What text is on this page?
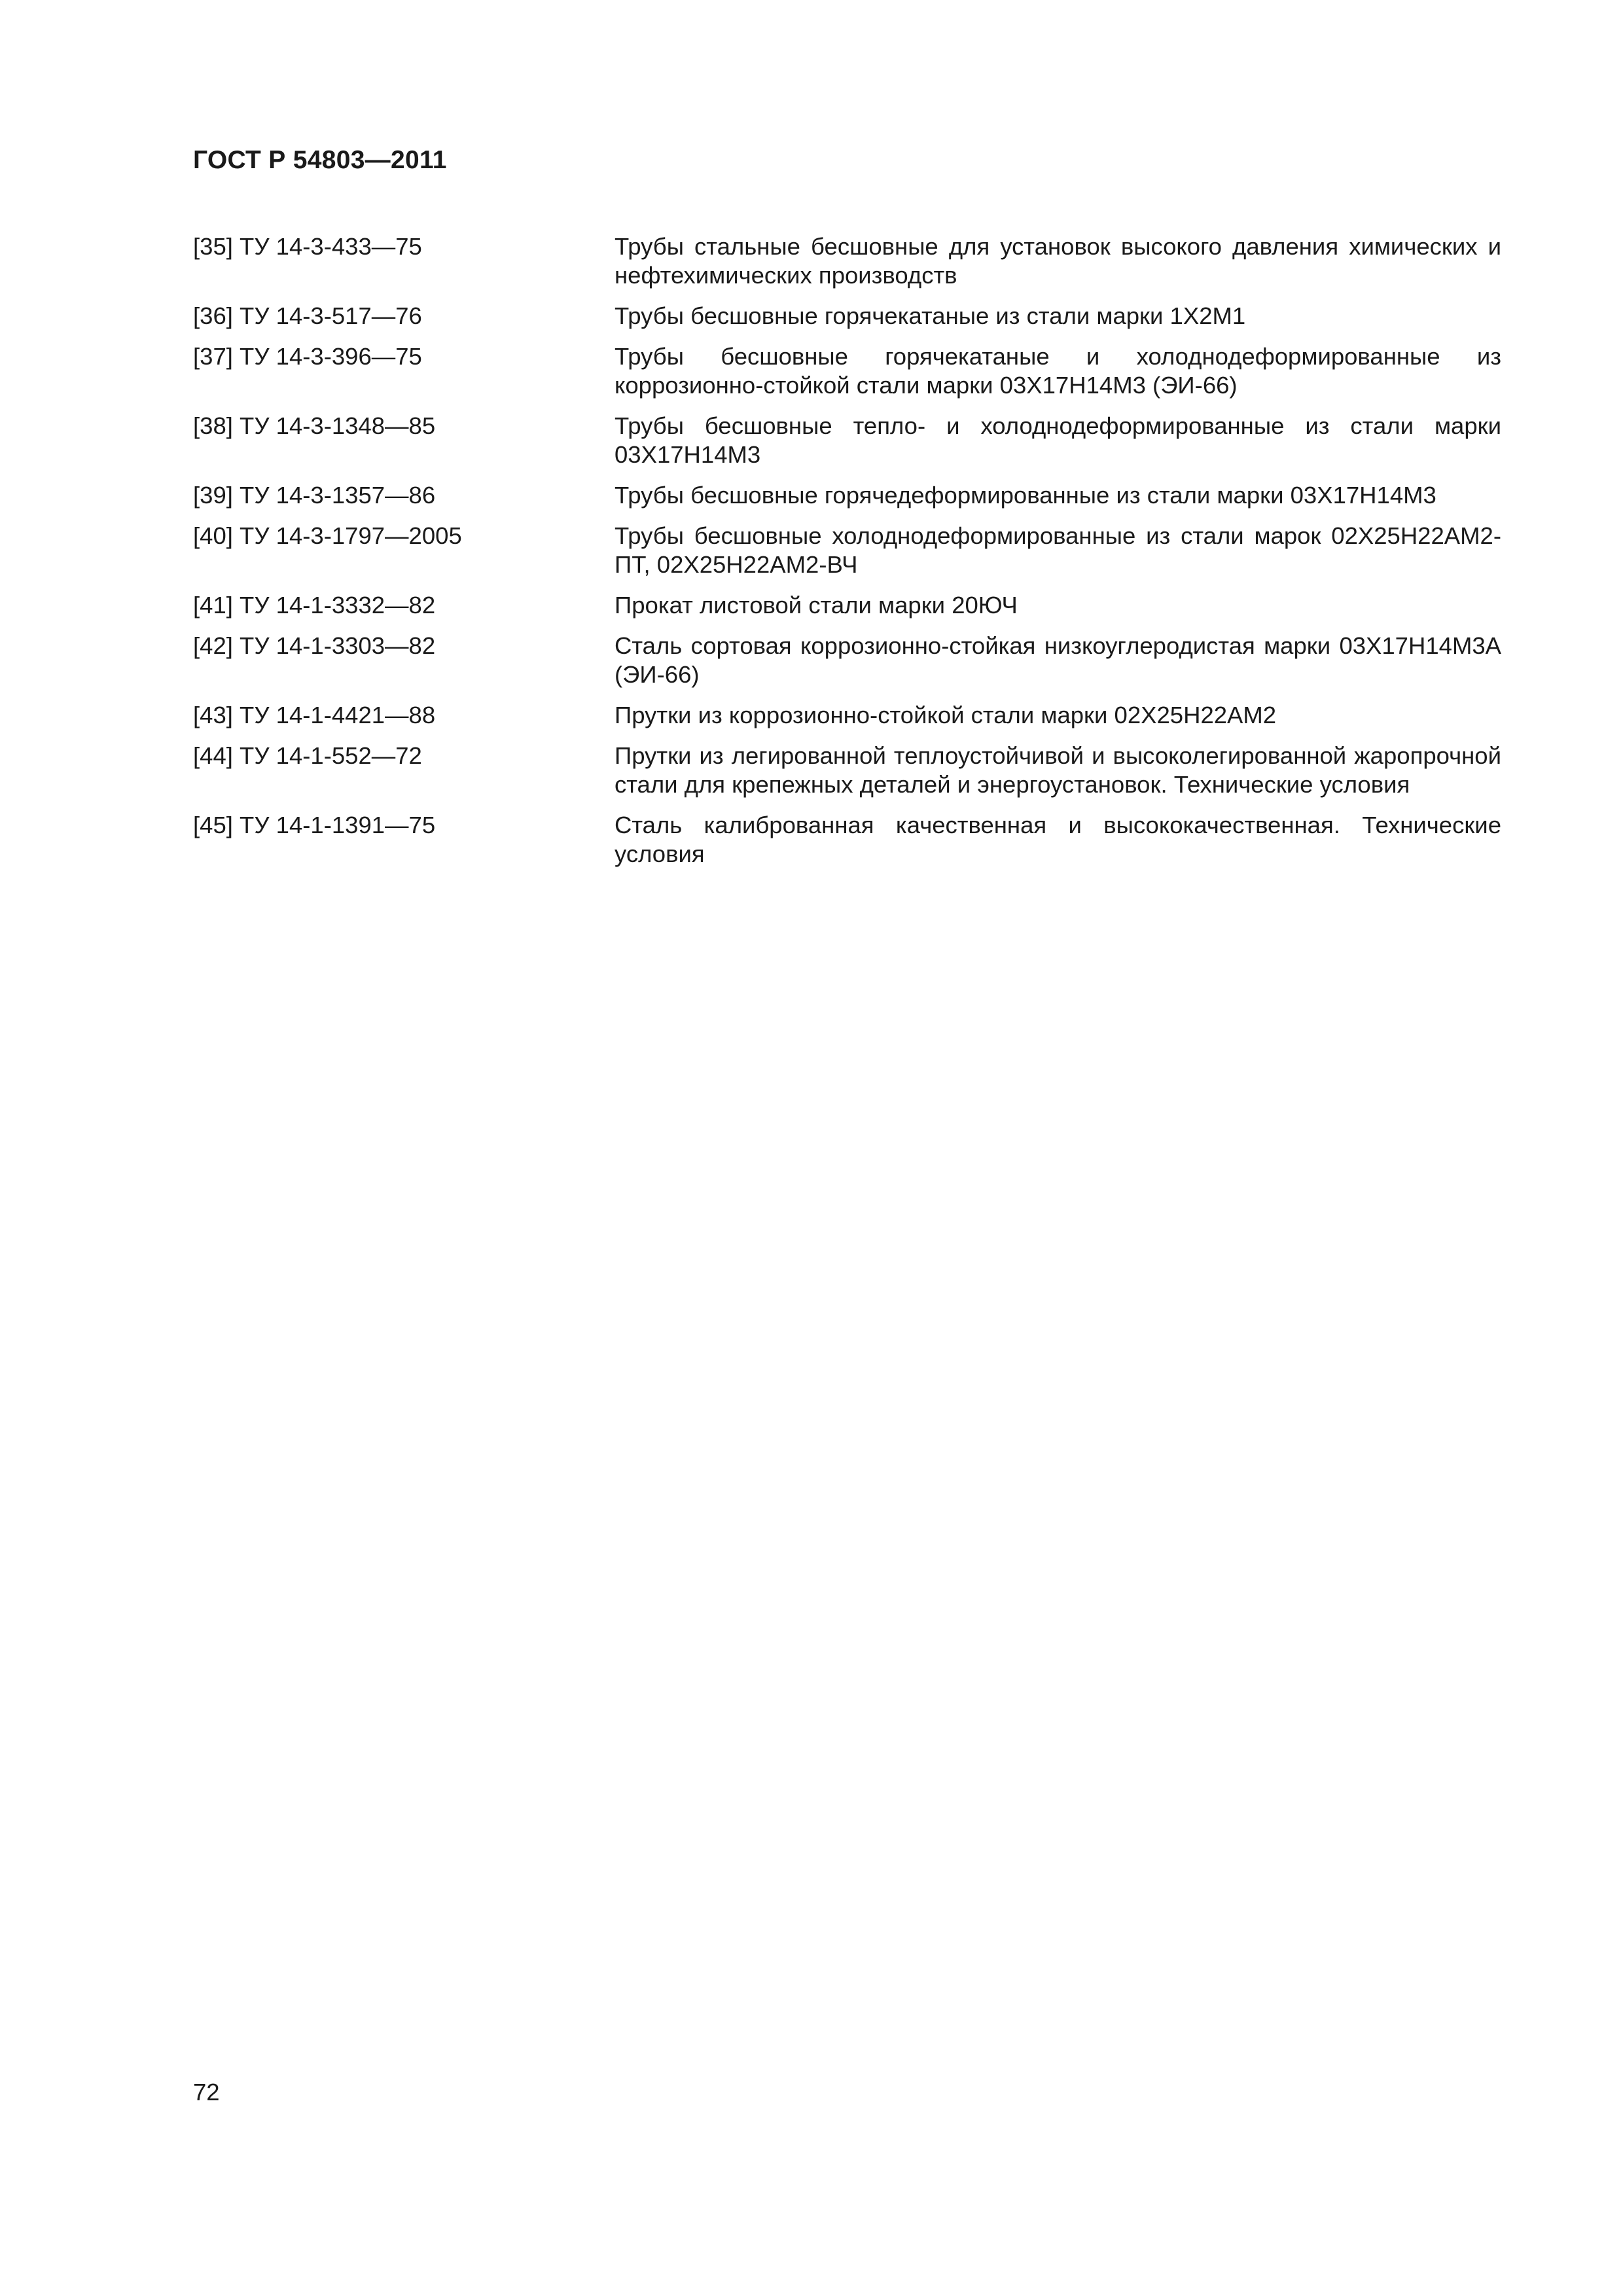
ГОСТ Р 54803—2011
[35] ТУ 14-3-433—75	Трубы стальные бесшовные для установок высокого давления химических и нефтехимических производств
[36] ТУ 14-3-517—76	Трубы бесшовные горячекатаные из стали марки 1Х2М1
[37] ТУ 14-3-396—75	Трубы бесшовные горячекатаные и холоднодеформированные из коррозионно-стойкой стали марки 03Х17Н14М3 (ЭИ-66)
[38] ТУ 14-3-1348—85	Трубы бесшовные тепло- и холоднодеформированные из стали марки 03Х17Н14М3
[39] ТУ 14-3-1357—86	Трубы бесшовные горячедеформированные из стали марки 03Х17Н14М3
[40] ТУ 14-3-1797—2005	Трубы бесшовные холоднодеформированные из стали марок 02Х25Н22АМ2-ПТ, 02Х25Н22АМ2-ВЧ
[41] ТУ 14-1-3332—82	Прокат листовой стали марки 20ЮЧ
[42] ТУ 14-1-3303—82	Сталь сортовая коррозионно-стойкая низкоуглеродистая марки 03Х17Н14М3А (ЭИ-66)
[43] ТУ 14-1-4421—88	Прутки из коррозионно-стойкой стали марки 02Х25Н22АМ2
[44] ТУ 14-1-552—72	Прутки из легированной теплоустойчивой и высоколегированной жаропрочной стали для крепежных деталей и энергоустановок. Технические условия
[45] ТУ 14-1-1391—75	Сталь калиброванная качественная и высококачественная. Технические условия
72
